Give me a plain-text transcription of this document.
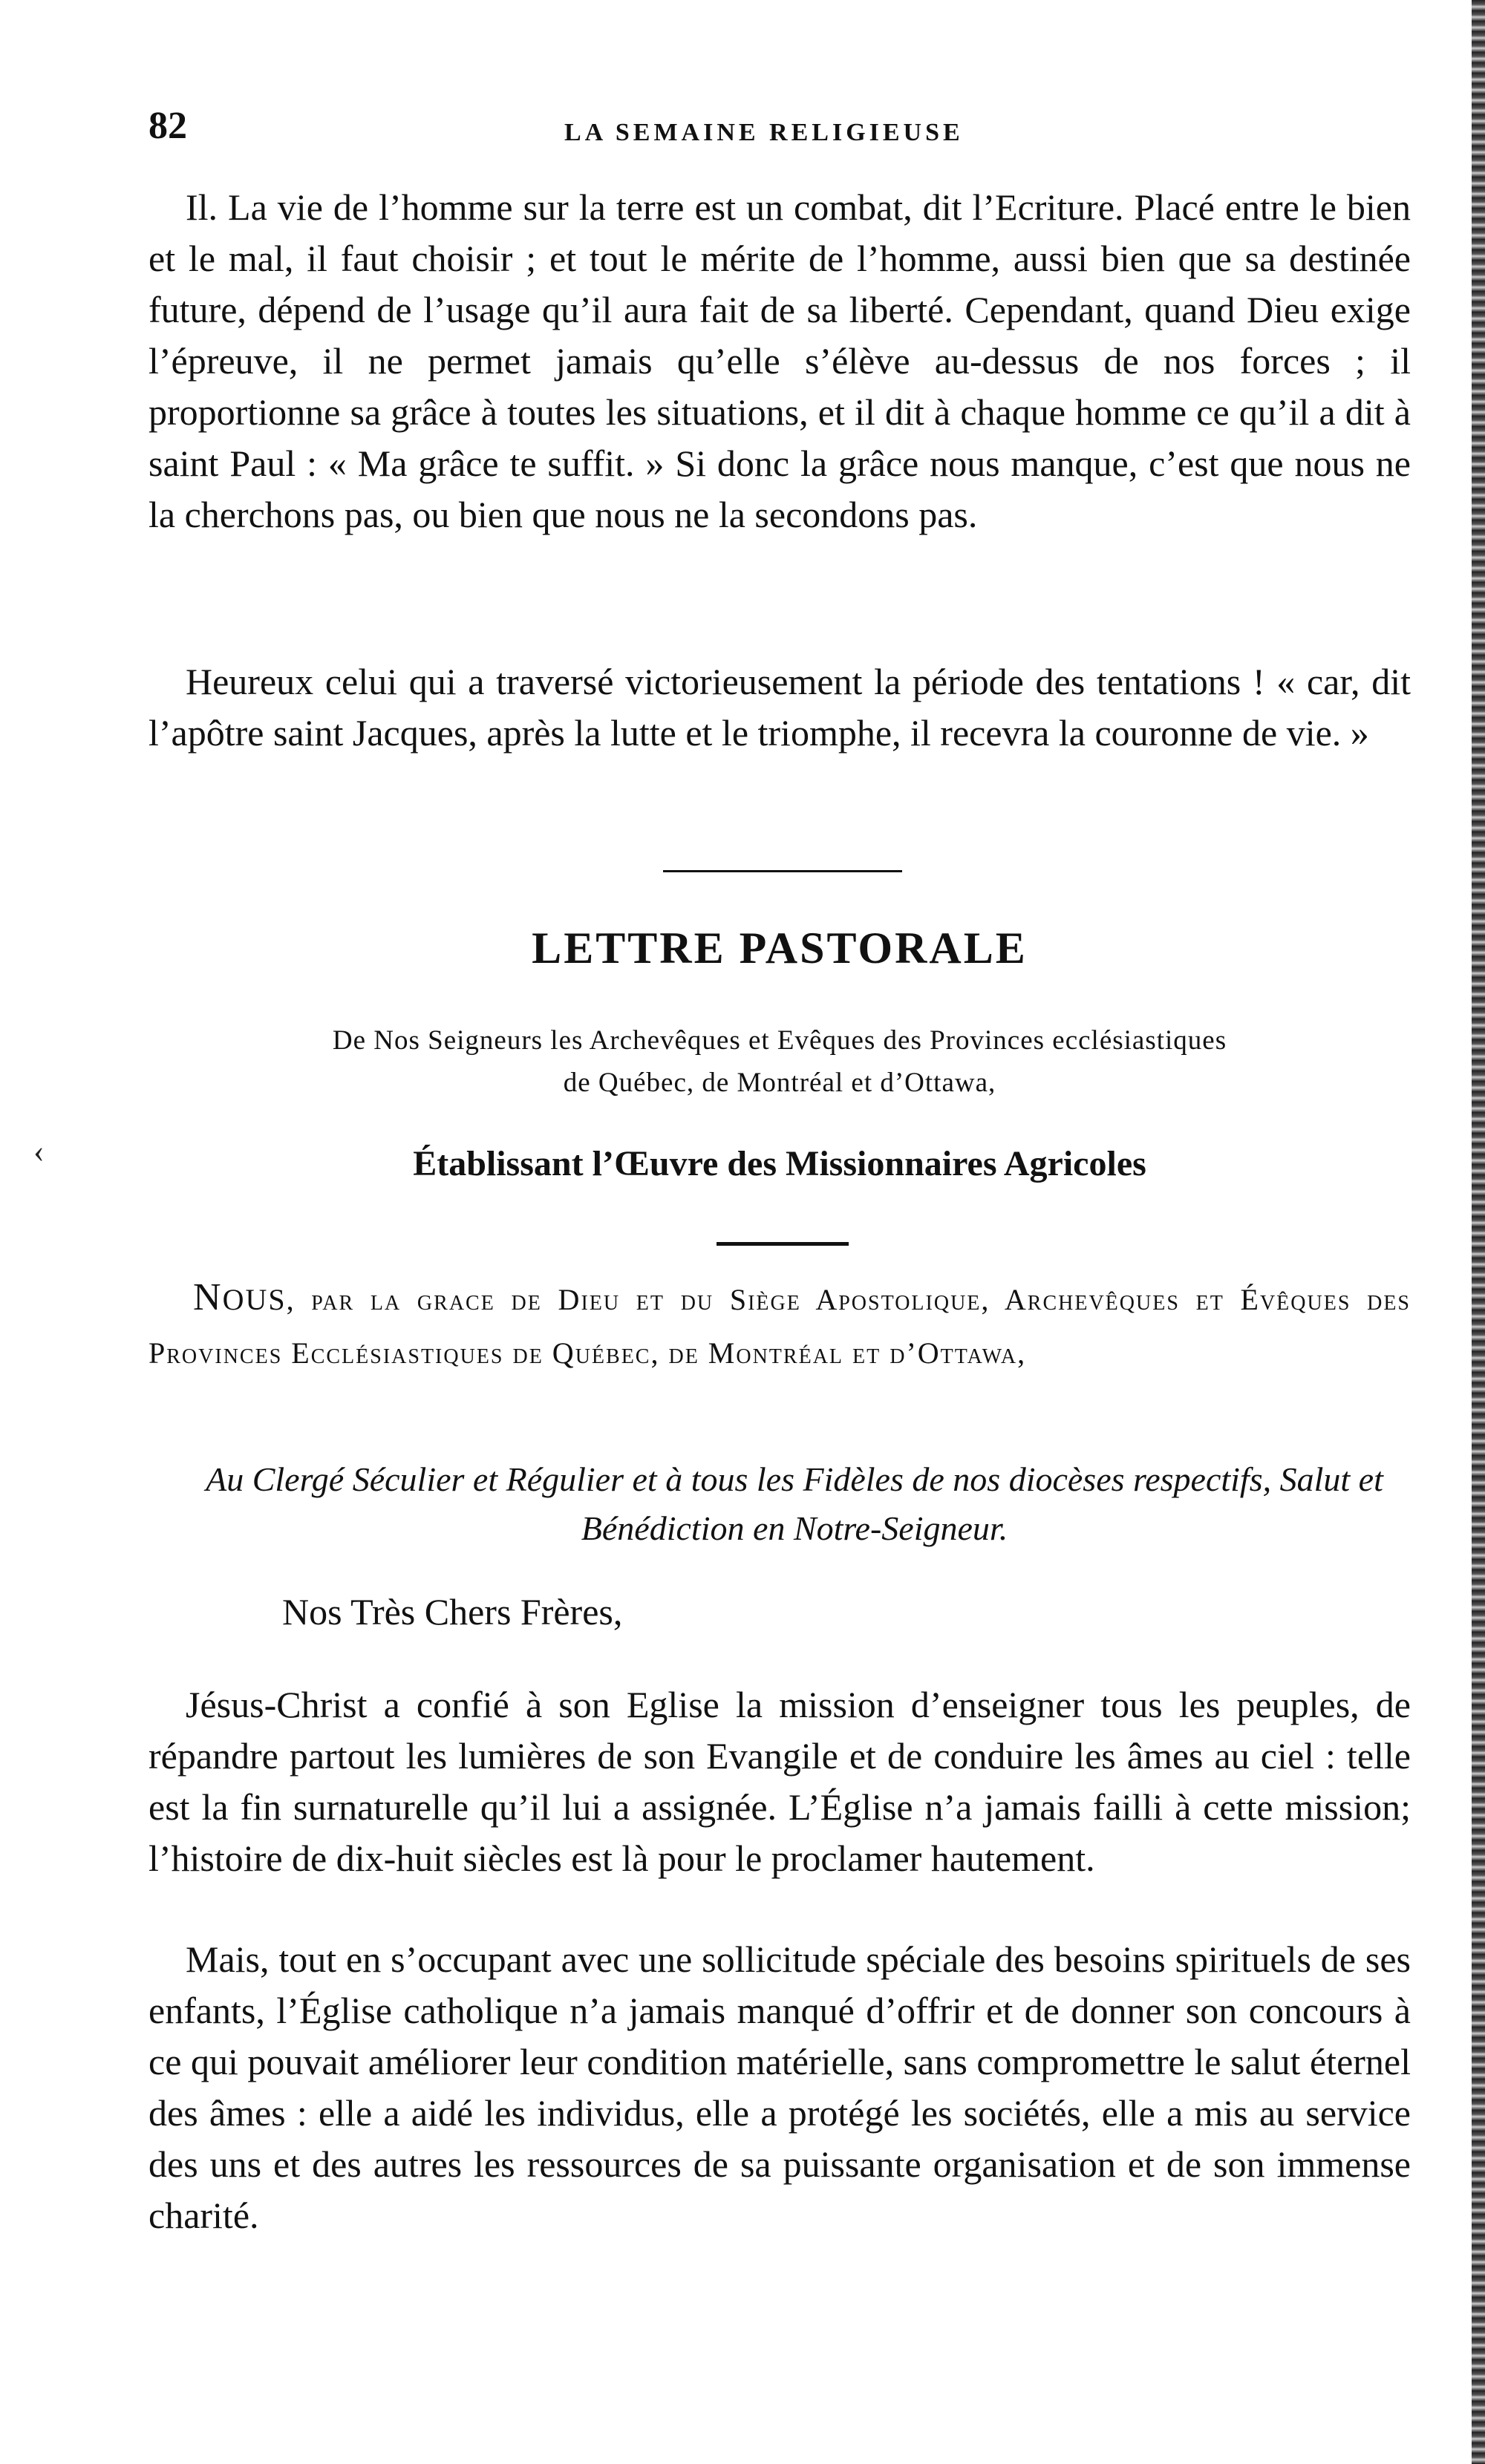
82	LA SEMAINE RELIGIEUSE

Il. La vie de l’homme sur la terre est un combat, dit l’Ecriture. Placé entre le bien et le mal, il faut choisir ; et tout le mérite de l’homme, aussi bien que sa destinée future, dépend de l’usage qu’il aura fait de sa liberté. Cependant, quand Dieu exige l’épreuve, il ne permet jamais qu’elle s’élève au-dessus de nos forces ; il proportionne sa grâce à toutes les situations, et il dit à chaque homme ce qu’il a dit à saint Paul : « Ma grâce te suffit. » Si donc la grâce nous manque, c’est que nous ne la cherchons pas, ou bien que nous ne la secondons pas.

Heureux celui qui a traversé victorieusement la période des tentations ! « car, dit l’apôtre saint Jacques, après la lutte et le triomphe, il recevra la couronne de vie. »

LETTRE PASTORALE
De Nos Seigneurs les Archevêques et Evêques des Provinces ecclésiastiques
de Québec, de Montréal et d’Ottawa,
‹	Établissant l’Œuvre des Missionnaires Agricoles

NOUS, par la grace de Dieu et du Siège Apostolique, Archevêques et Évêques des Provinces Ecclésiastiques de Québec, de Montréal et d’Ottawa,

Au Clergé Séculier et Régulier et à tous les Fidèles de nos diocèses respectifs, Salut et Bénédiction en Notre-Seigneur.

Nos Très Chers Frères,

Jésus-Christ a confié à son Eglise la mission d’enseigner tous les peuples, de répandre partout les lumières de son Evangile et de conduire les âmes au ciel : telle est la fin surnaturelle qu’il lui a assignée. L’Église n’a jamais failli à cette mission; l’histoire de dix-huit siècles est là pour le proclamer hautement.

Mais, tout en s’occupant avec une sollicitude spéciale des besoins spirituels de ses enfants, l’Église catholique n’a jamais manqué d’offrir et de donner son concours à ce qui pouvait améliorer leur condition matérielle, sans compromettre le salut éternel des âmes : elle a aidé les individus, elle a protégé les sociétés, elle a mis au service des uns et des autres les ressources de sa puissante organisation et de son immense charité.
